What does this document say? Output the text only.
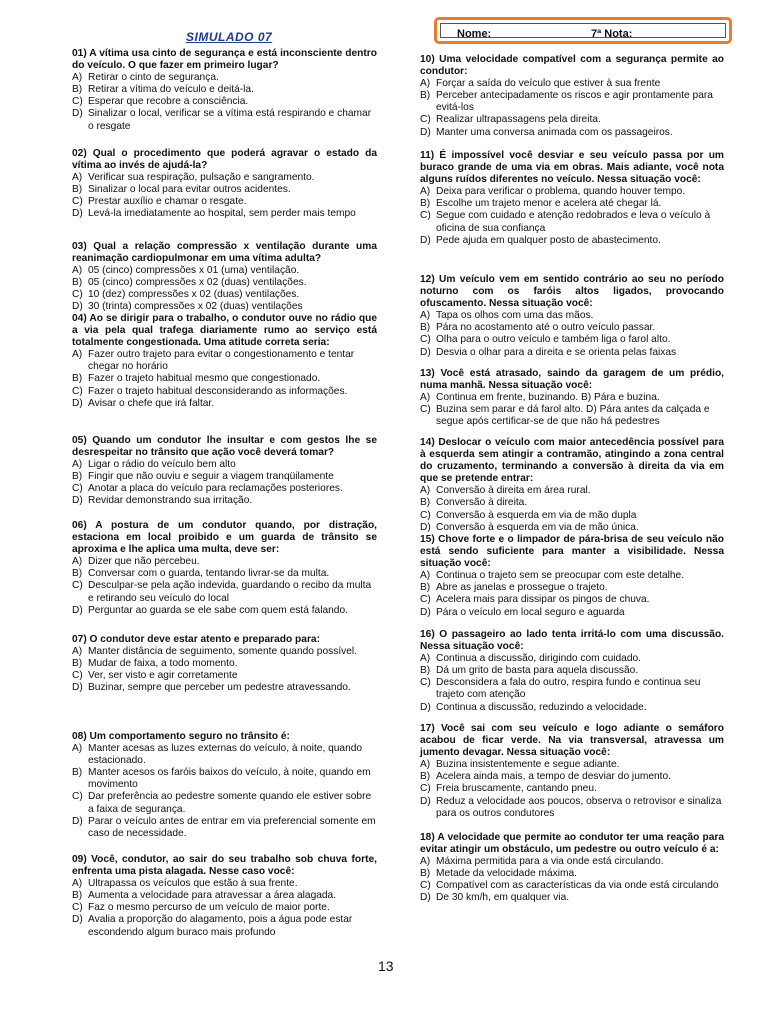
SIMULADO 07	Nome:	7ª Nota:
01) A vítima usa cinto de segurança e está inconsciente dentro do veículo. O que fazer em primeiro lugar?
A) Retirar o cinto de segurança.
B) Retirar a vítima do veículo e deitá-la.
C) Esperar que recobre a consciência.
D) Sinalizar o local, verificar se a vítima está respirando e chamar o resgate
02) Qual o procedimento que poderá agravar o estado da vítima ao invés de ajudá-la?
A) Verificar sua respiração, pulsação e sangramento.
B) Sinalizar o local para evitar outros acidentes.
C) Prestar auxílio e chamar o resgate.
D) Levá-la imediatamente ao hospital, sem perder mais tempo
03) Qual a relação compressão x ventilação durante uma reanimação cardiopulmonar em uma vítima adulta?
A) 05 (cinco) compressões x 01 (uma) ventilação.
B) 05 (cinco) compressões x 02 (duas) ventilações.
C) 10 (dez) compressões x 02 (duas) ventilações.
D) 30 (trinta) compressões x 02 (duas) ventilações
04) Ao se dirigir para o trabalho, o condutor ouve no rádio que a via pela qual trafega diariamente rumo ao serviço está totalmente congestionada. Uma atitude correta seria:
A) Fazer outro trajeto para evitar o congestionamento e tentar chegar no horário
B) Fazer o trajeto habitual mesmo que congestionado.
C) Fazer o trajeto habitual desconsiderando as informações.
D) Avisar o chefe que irá faltar.
05) Quando um condutor lhe insultar e com gestos lhe se desrespeitar no trânsito que ação você deverá tomar?
A) Ligar o rádio do veículo bem alto
B) Fingir que não ouviu e seguir a viagem tranqüilamente
C) Anotar a placa do veículo para reclamações posteriores.
D) Revidar demonstrando sua irritação.
06) A postura de um condutor quando, por distração, estaciona em local proibido e um guarda de trânsito se aproxima e lhe aplica uma multa, deve ser:
A) Dizer que não percebeu.
B) Conversar com o guarda, tentando livrar-se da multa.
C) Desculpar-se pela ação indevida, guardando o recibo da multa e retirando seu veículo do local
D) Perguntar ao guarda se ele sabe com quem está falando.
07) O condutor deve estar atento e preparado para:
A) Manter distância de seguimento, somente quando possível.
B) Mudar de faixa, a todo momento.
C) Ver, ser visto e agir corretamente
D) Buzinar, sempre que perceber um pedestre atravessando.
08) Um comportamento seguro no trânsito é:
A) Manter acesas as luzes externas do veículo, à noite, quando estacionado.
B) Manter acesos os faróis baixos do veículo, à noite, quando em movimento
C) Dar preferência ao pedestre somente quando ele estiver sobre a faixa de segurança.
D) Parar o veículo antes de entrar em via preferencial somente em caso de necessidade.
09) Você, condutor, ao sair do seu trabalho sob chuva forte, enfrenta uma pista alagada. Nesse caso você:
A) Ultrapassa os veículos que estão à sua frente.
B) Aumenta a velocidade para atravessar a área alagada.
C) Faz o mesmo percurso de um veículo de maior porte.
D) Avalia a proporção do alagamento, pois a água pode estar escondendo algum buraco mais profundo
10) Uma velocidade compatível com a segurança permite ao condutor:
A) Forçar a saída do veículo que estiver à sua frente
B) Perceber antecipadamente os riscos e agir prontamente para evitá-los
C) Realizar ultrapassagens pela direita.
D) Manter uma conversa animada com os passageiros.
11) É impossível você desviar e seu veículo passa por um buraco grande de uma via em obras. Mais adiante, você nota alguns ruídos diferentes no veículo. Nessa situação você:
A) Deixa para verificar o problema, quando houver tempo.
B) Escolhe um trajeto menor e acelera até chegar lá.
C) Segue com cuidado e atenção redobrados e leva o veículo à oficina de sua confiança
D) Pede ajuda em qualquer posto de abastecimento.
12) Um veículo vem em sentido contrário ao seu no período noturno com os faróis altos ligados, provocando ofuscamento. Nessa situação você:
A) Tapa os olhos com uma das mãos.
B) Pára no acostamento até o outro veículo passar.
C) Olha para o outro veículo e também liga o farol alto.
D) Desvia o olhar para a direita e se orienta pelas faixas
13) Você está atrasado, saindo da garagem de um prédio, numa manhã. Nessa situação você:
A) Continua em frente, buzinando. B) Pára e buzina.
C) Buzina sem parar e dá farol alto. D) Pára antes da calçada e segue após certificar-se de que não há pedestres
14) Deslocar o veículo com maior antecedência possível para à esquerda sem atingir a contramão, atingindo a zona central do cruzamento, terminando a conversão à direita da via em que se pretende entrar:
A) Conversão à direita em área rural.
B) Conversão à direita.
C) Conversão à esquerda em via de mão dupla
D) Conversão à esquerda em via de mão única.
15) Chove forte e o limpador de pára-brisa de seu veículo não está sendo suficiente para manter a visibilidade. Nessa situação você:
A) Continua o trajeto sem se preocupar com este detalhe.
B) Abre as janelas e prossegue o trajeto.
C) Acelera mais para dissipar os pingos de chuva.
D) Pára o veículo em local seguro e aguarda
16) O passageiro ao lado tenta irritá-lo com uma discussão. Nessa situação você:
A) Continua a discussão, dirigindo com cuidado.
B) Dá um grito de basta para aquela discussão.
C) Desconsidera a fala do outro, respira fundo e continua seu trajeto com atenção
D) Continua a discussão, reduzindo a velocidade.
17) Você sai com seu veículo e logo adiante o semáforo acabou de ficar verde. Na via transversal, atravessa um jumento devagar. Nessa situação você:
A) Buzina insistentemente e segue adiante.
B) Acelera ainda mais, a tempo de desviar do jumento.
C) Freia bruscamente, cantando pneu.
D) Reduz a velocidade aos poucos, observa o retrovisor e sinaliza para os outros condutores
18) A velocidade que permite ao condutor ter uma reação para evitar atingir um obstáculo, um pedestre ou outro veículo é a:
A) Máxima permitida para a via onde está circulando.
B) Metade da velocidade máxima.
C) Compatível com as características da via onde está circulando
D) De 30 km/h, em qualquer via.
13
